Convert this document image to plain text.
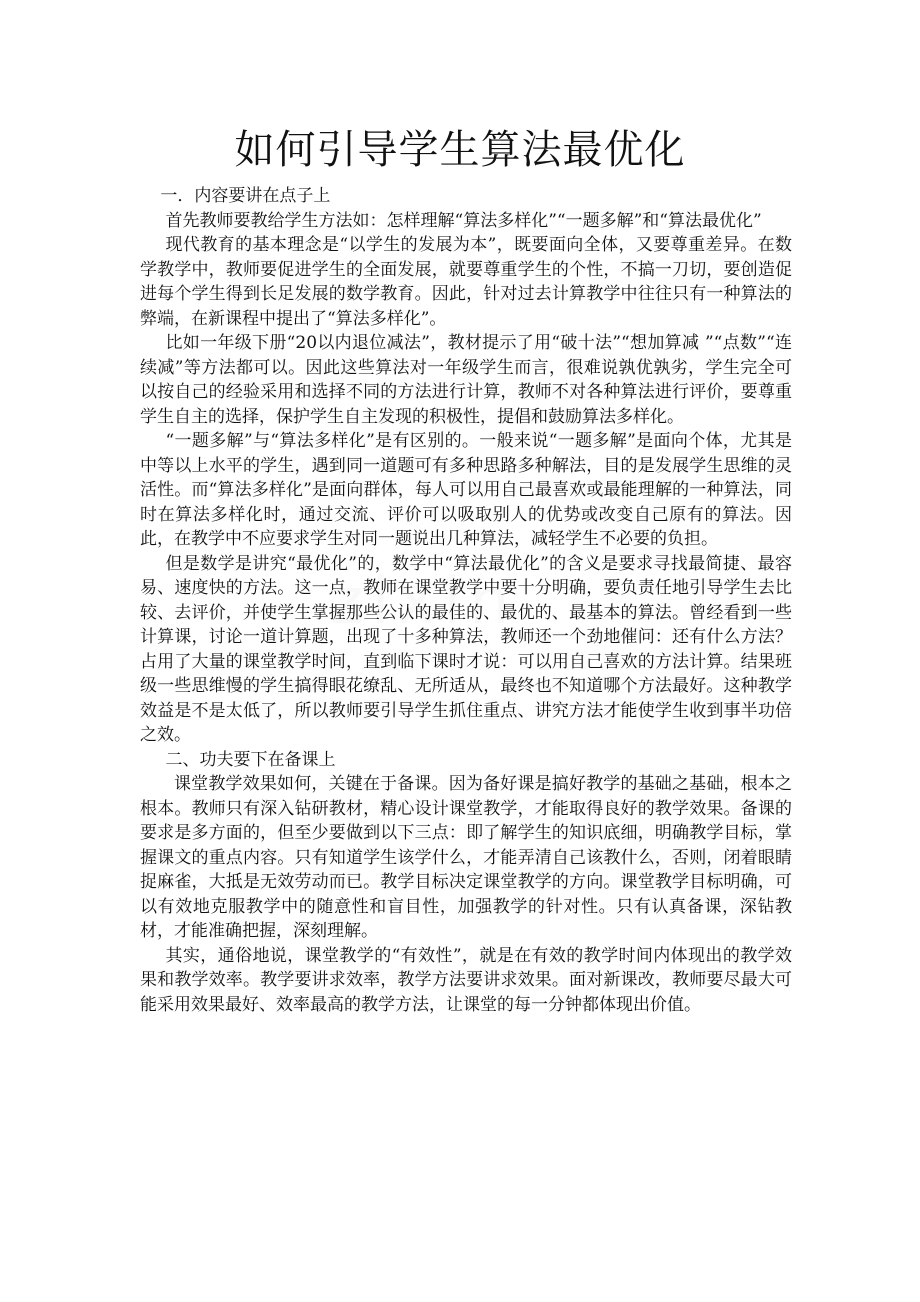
如何引导学生算法最优化
zixin

一．内容要讲在点子上

首先教师要教给学生方法如：怎样理解“算法多样化”“一题多解”和“算法最优化”

现代教育的基本理念是“以学生的发展为本”，既要面向全体，又要尊重差异。在数学教学中，教师要促进学生的全面发展，就要尊重学生的个性，不搞一刀切，要创造促进每个学生得到长足发展的数学教育。因此，针对过去计算教学中往往只有一种算法的弊端，在新课程中提出了“算法多样化”。

比如一年级下册“20以内退位减法”，教材提示了用“破十法”“想加算减 ”“点数”“连续减”等方法都可以。因此这些算法对一年级学生而言，很难说孰优孰劣，学生完全可以按自己的经验采用和选择不同的方法进行计算，教师不对各种算法进行评价，要尊重学生自主的选择，保护学生自主发现的积极性，提倡和鼓励算法多样化。

“一题多解”与“算法多样化”是有区别的。一般来说“一题多解”是面向个体，尤其是中等以上水平的学生，遇到同一道题可有多种思路多种解法，目的是发展学生思维的灵活性。而“算法多样化”是面向群体，每人可以用自己最喜欢或最能理解的一种算法，同时在算法多样化时，通过交流、评价可以吸取别人的优势或改变自己原有的算法。因此，在教学中不应要求学生对同一题说出几种算法，减轻学生不必要的负担。

但是数学是讲究“最优化”的，数学中“算法最优化”的含义是要求寻找最简捷、最容易、速度快的方法。这一点，教师在课堂教学中要十分明确，要负责任地引导学生去比较、去评价，并使学生掌握那些公认的最佳的、最优的、最基本的算法。曾经看到一些计算课，讨论一道计算题，出现了十多种算法，教师还一个劲地催问：还有什么方法？占用了大量的课堂教学时间，直到临下课时才说：可以用自己喜欢的方法计算。结果班级一些思维慢的学生搞得眼花缭乱、无所适从，最终也不知道哪个方法最好。这种教学效益是不是太低了，所以教师要引导学生抓住重点、讲究方法才能使学生收到事半功倍之效。

二、功夫要下在备课上

课堂教学效果如何，关键在于备课。因为备好课是搞好教学的基础之基础，根本之根本。教师只有深入钻研教材，精心设计课堂教学，才能取得良好的教学效果。备课的要求是多方面的，但至少要做到以下三点：即了解学生的知识底细，明确教学目标，掌握课文的重点内容。只有知道学生该学什么，才能弄清自己该教什么，否则，闭着眼睛捉麻雀，大抵是无效劳动而已。教学目标决定课堂教学的方向。课堂教学目标明确，可以有效地克服教学中的随意性和盲目性，加强教学的针对性。只有认真备课，深钻教材，才能准确把握，深刻理解。

其实，通俗地说，课堂教学的“有效性”，就是在有效的教学时间内体现出的教学效果和教学效率。教学要讲求效率，教学方法要讲求效果。面对新课改，教师要尽最大可能采用效果最好、效率最高的教学方法，让课堂的每一分钟都体现出价值。
